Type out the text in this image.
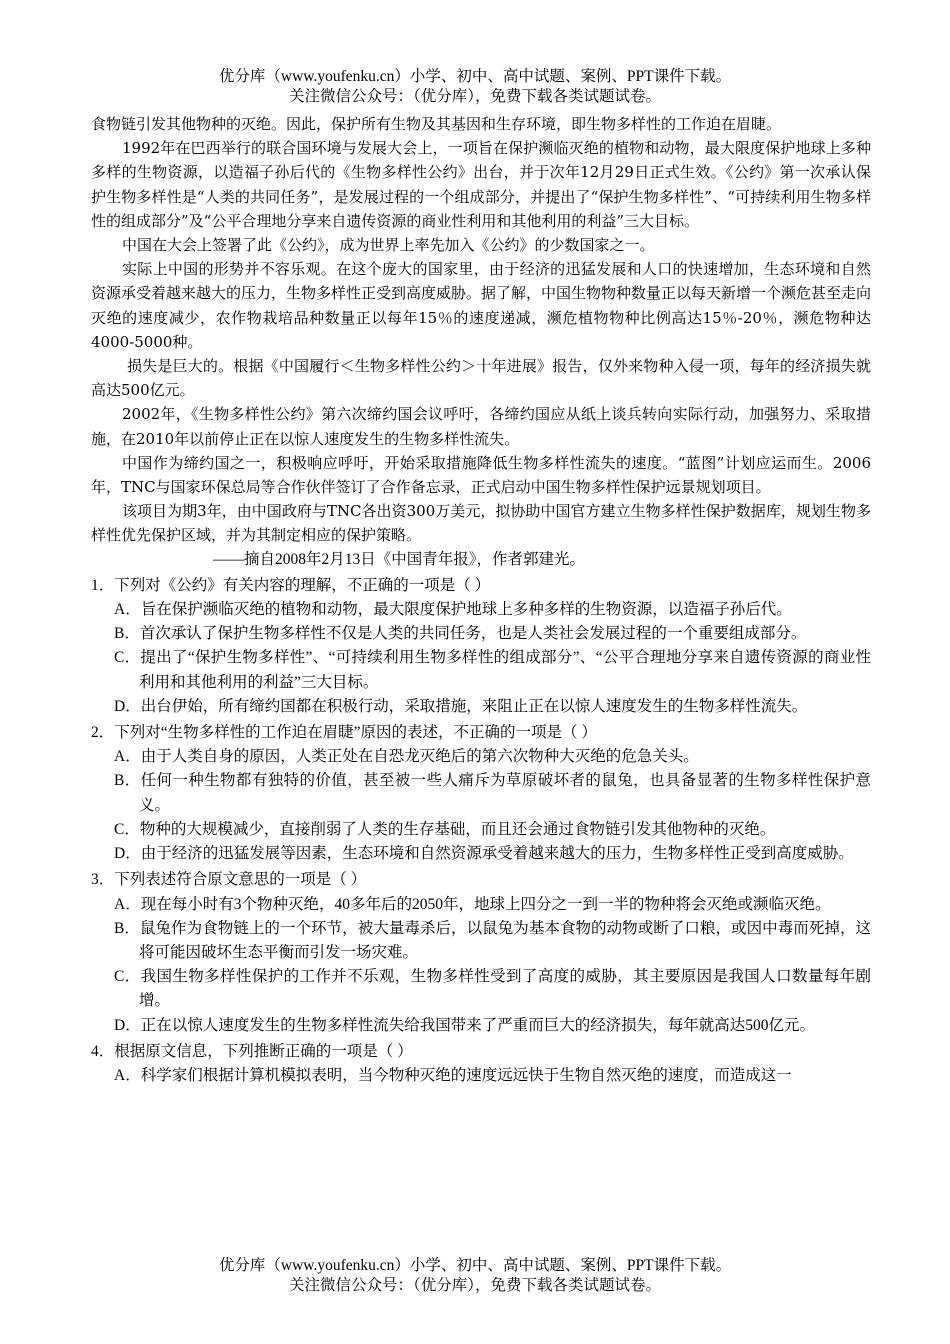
优分库（www.youfenku.cn）小学、初中、高中试题、案例、PPT课件下载。
关注微信公众号：（优分库），免费下载各类试题试卷。

食物链引发其他物种的灭绝。因此，保护所有生物及其基因和生存环境，即生物多样性的工作迫在眉睫。

1992年在巴西举行的联合国环境与发展大会上，一项旨在保护濒临灭绝的植物和动物，最大限度保护地球上多种多样的生物资源，以造福子孙后代的《生物多样性公约》出台，并于次年12月29日正式生效。《公约》第一次承认保护生物多样性是“人类的共同任务”，是发展过程的一个组成部分，并提出了“保护生物多样性”、“可持续利用生物多样性的组成部分”及“公平合理地分享来自遗传资源的商业性利用和其他利用的利益”三大目标。

中国在大会上签署了此《公约》，成为世界上率先加入《公约》的少数国家之一。

实际上中国的形势并不容乐观。在这个庞大的国家里，由于经济的迅猛发展和人口的快速增加，生态环境和自然资源承受着越来越大的压力，生物多样性正受到高度威胁。据了解，中国生物物种数量正以每天新增一个濒危甚至走向灭绝的速度减少，农作物栽培品种数量正以每年15％的速度递减，濒危植物物种比例高达15％-20％，濒危物种达4000-5000种。

损失是巨大的。根据《中国履行＜生物多样性公约＞十年进展》报告，仅外来物种入侵一项，每年的经济损失就高达500亿元。

2002年，《生物多样性公约》第六次缔约国会议呼吁，各缔约国应从纸上谈兵转向实际行动，加强努力、采取措施，在2010年以前停止正在以惊人速度发生的生物多样性流失。

中国作为缔约国之一，积极响应呼吁，开始采取措施降低生物多样性流失的速度。“蓝图”计划应运而生。2006年，TNC与国家环保总局等合作伙伴签订了合作备忘录，正式启动中国生物多样性保护远景规划项目。

该项目为期3年，由中国政府与TNC各出资300万美元，拟协助中国官方建立生物多样性保护数据库，规划生物多样性优先保护区域，并为其制定相应的保护策略。

——摘自2008年2月13日《中国青年报》，作者郭建光。

1．下列对《公约》有关内容的理解，不正确的一项是（ ）

A．旨在保护濒临灭绝的植物和动物，最大限度保护地球上多种多样的生物资源，以造福子孙后代。

B．首次承认了保护生物多样性不仅是人类的共同任务，也是人类社会发展过程的一个重要组成部分。

C．提出了“保护生物多样性”、“可持续利用生物多样性的组成部分”、“公平合理地分享来自遗传资源的商业性利用和其他利用的利益”三大目标。

D．出台伊始，所有缔约国都在积极行动，采取措施，来阻止正在以惊人速度发生的生物多样性流失。

2．下列对“生物多样性的工作迫在眉睫”原因的表述，不正确的一项是（ ）

A．由于人类自身的原因，人类正处在自恐龙灭绝后的第六次物种大灭绝的危急关头。

B．任何一种生物都有独特的价值，甚至被一些人痛斥为草原破坏者的鼠兔，也具备显著的生物多样性保护意义。

C．物种的大规模减少，直接削弱了人类的生存基础，而且还会通过食物链引发其他物种的灭绝。

D．由于经济的迅猛发展等因素，生态环境和自然资源承受着越来越大的压力，生物多样性正受到高度威胁。

3．下列表述符合原文意思的一项是（ ）

A．现在每小时有3个物种灭绝，40多年后的2050年，地球上四分之一到一半的物种将会灭绝或濒临灭绝。

B．鼠兔作为食物链上的一个环节，被大量毒杀后，以鼠兔为基本食物的动物或断了口粮，或因中毒而死掉，这将可能因破坏生态平衡而引发一场灾难。

C．我国生物多样性保护的工作并不乐观，生物多样性受到了高度的威胁，其主要原因是我国人口数量每年剧增。

D．正在以惊人速度发生的生物多样性流失给我国带来了严重而巨大的经济损失，每年就高达500亿元。

4．根据原文信息，下列推断正确的一项是（ ）

A．科学家们根据计算机模拟表明，当今物种灭绝的速度远远快于生物自然灭绝的速度，而造成这一

优分库（www.youfenku.cn）小学、初中、高中试题、案例、PPT课件下载。
关注微信公众号：（优分库），免费下载各类试题试卷。
